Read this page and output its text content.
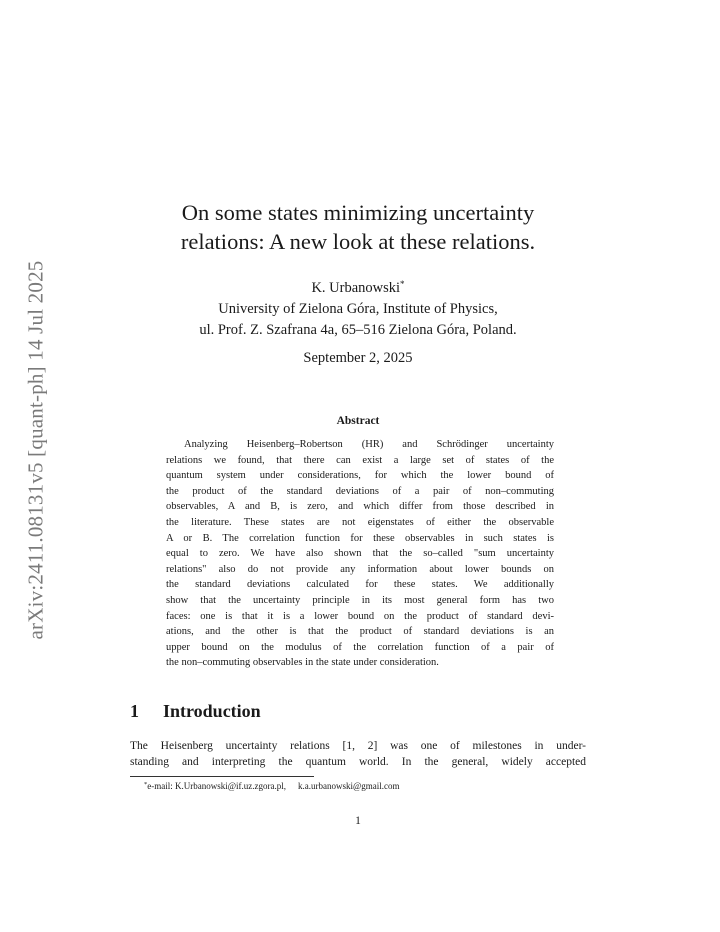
arXiv:2411.08131v5 [quant-ph] 14 Jul 2025
On some states minimizing uncertainty
relations: A new look at these relations.
K. Urbanowski*
University of Zielona Góra, Institute of Physics,
ul. Prof. Z. Szafrana 4a, 65–516 Zielona Góra, Poland.
September 2, 2025
Abstract
Analyzing Heisenberg–Robertson (HR) and Schrödinger uncertainty
relations we found, that there can exist a large set of states of the
quantum system under considerations, for which the lower bound of
the product of the standard deviations of a pair of non–commuting
observables, A and B, is zero, and which differ from those described in
the literature. These states are not eigenstates of either the observable
A or B. The correlation function for these observables in such states is
equal to zero. We have also shown that the so–called "sum uncertainty
relations" also do not provide any information about lower bounds on
the standard deviations calculated for these states. We additionally
show that the uncertainty principle in its most general form has two
faces: one is that it is a lower bound on the product of standard devi-
ations, and the other is that the product of standard deviations is an
upper bound on the modulus of the correlation function of a pair of
the non–commuting observables in the state under consideration.
1 Introduction
The Heisenberg uncertainty relations [1, 2] was one of milestones in under-
standing and interpreting the quantum world. In the general, widely accepted
*e-mail: K.Urbanowski@if.uz.zgora.pl, k.a.urbanowski@gmail.com
1
